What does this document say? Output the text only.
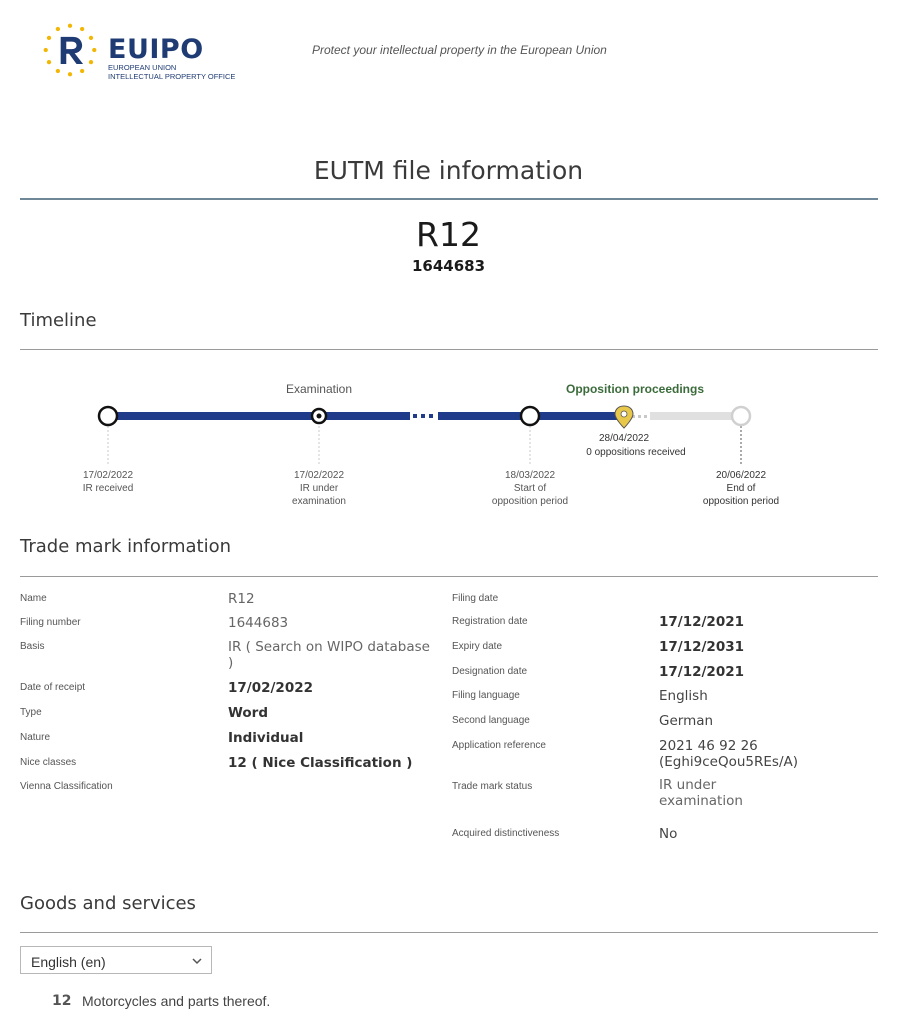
EUIPO
EUROPEAN UNION
INTELLECTUAL PROPERTY OFFICE
Protect your intellectual property in the European Union
EUTM file information
R12
1644683
Timeline
Examination	Opposition proceedings
17/02/2022
IR received
17/02/2022
IR under
examination
18/03/2022
Start of
opposition period
28/04/2022
0 oppositions received
20/06/2022
End of
opposition period
Trade mark information
Name	R12
Filing number	1644683
Basis	IR ( Search on WIPO database
)
Date of receipt	17/02/2022
Type	Word
Nature	Individual
Nice classes	12 ( Nice Classification )
Vienna Classification
Filing date
Registration date	17/12/2021
Expiry date	17/12/2031
Designation date	17/12/2021
Filing language	English
Second language	German
Application reference	2021 46 92 26
(Eghi9ceQou5REs/A)
Trade mark status	IR under
examination
Acquired distinctiveness	No
Goods and services
English (en)
12 Motorcycles and parts thereof.
